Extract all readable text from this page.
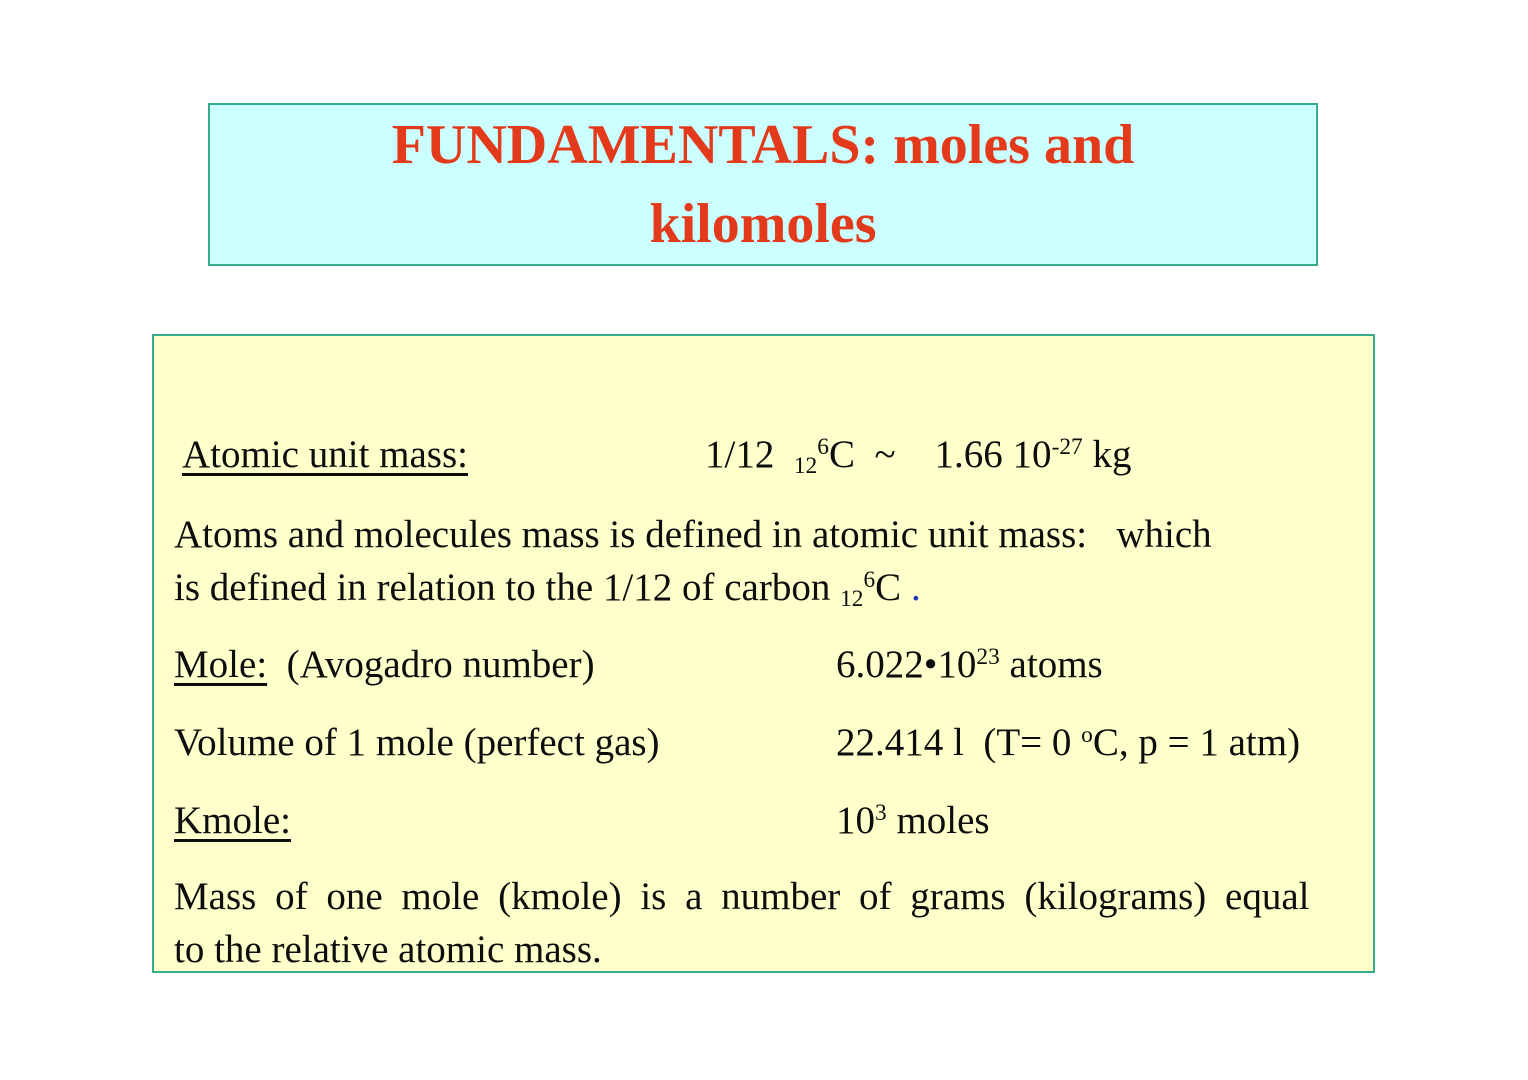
FUNDAMENTALS: moles and
kilomoles
Atomic unit mass:	1/12  $_{12}^6$C  ~    1.66 $10^{-27}$ kg
Atoms and molecules mass is defined in atomic unit mass:   which
is defined in relation to the 1/12 of carbon $_{12}^6$C .
Mole:  (Avogadro number)	$6.022•10^{23}$ atoms
Volume of 1 mole (perfect gas)	22.414 l  (T= 0 $^o$C, p = 1 atm)
Kmole:	$10^3$ moles
Mass of one mole (kmole) is a number of grams (kilograms) equal
to the relative atomic mass.
